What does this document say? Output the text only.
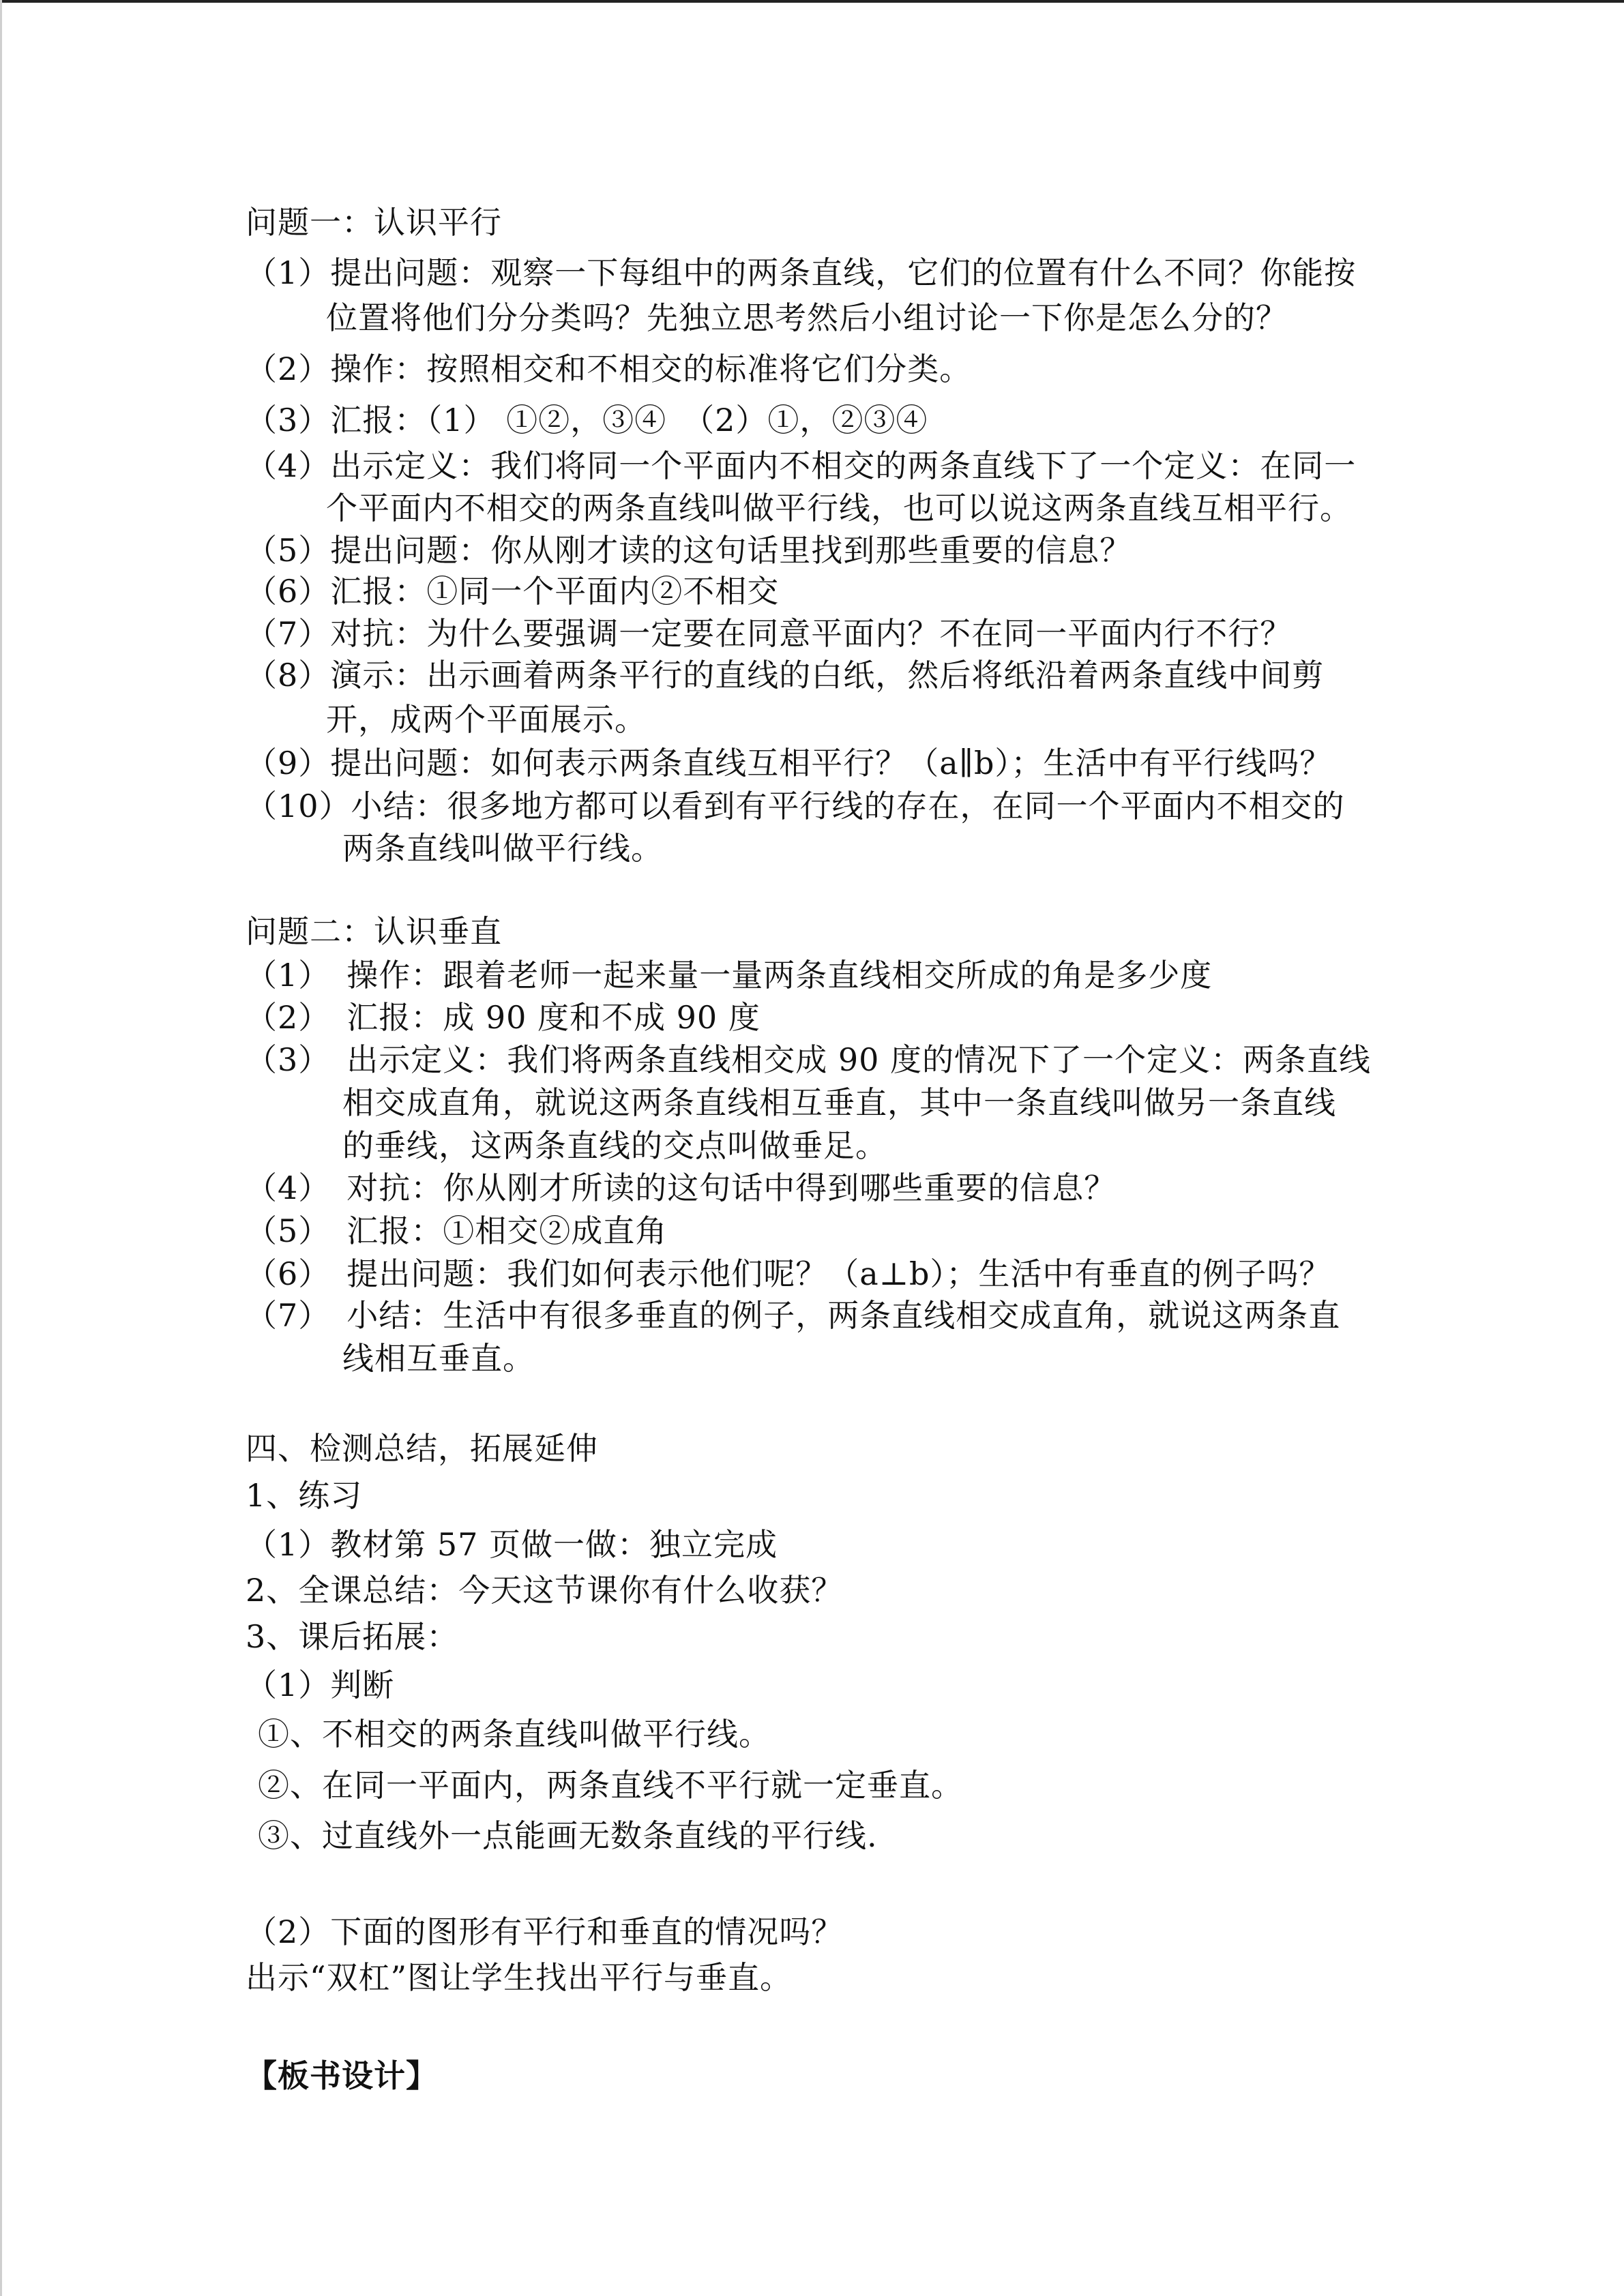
问题一：认识平行
（1）提出问题：观察一下每组中的两条直线，它们的位置有什么不同？你能按
位置将他们分分类吗？先独立思考然后小组讨论一下你是怎么分的？
（2）操作：按照相交和不相交的标准将它们分类。
（3）汇报：（1） ①②，③④　（2）①，②③④
（4）出示定义：我们将同一个平面内不相交的两条直线下了一个定义：在同一
个平面内不相交的两条直线叫做平行线，也可以说这两条直线互相平行。
（5）提出问题：你从刚才读的这句话里找到那些重要的信息？
（6）汇报：①同一个平面内②不相交
（7）对抗：为什么要强调一定要在同意平面内？不在同一平面内行不行？
（8）演示：出示画着两条平行的直线的白纸，然后将纸沿着两条直线中间剪
开，成两个平面展示。
（9）提出问题：如何表示两条直线互相平行？（a∥b）；生活中有平行线吗？
（10）小结：很多地方都可以看到有平行线的存在，在同一个平面内不相交的
两条直线叫做平行线。
问题二：认识垂直
（1）　操作：跟着老师一起来量一量两条直线相交所成的角是多少度
（2）　汇报：成 90 度和不成 90 度
（3）　出示定义：我们将两条直线相交成 90 度的情况下了一个定义：两条直线
相交成直角，就说这两条直线相互垂直，其中一条直线叫做另一条直线
的垂线，这两条直线的交点叫做垂足。
（4）　对抗：你从刚才所读的这句话中得到哪些重要的信息？
（5）　汇报：①相交②成直角
（6）　提出问题：我们如何表示他们呢？（a⊥b）；生活中有垂直的例子吗？
（7）　小结：生活中有很多垂直的例子，两条直线相交成直角，就说这两条直
线相互垂直。
四、检测总结，拓展延伸
1、练习
（1）教材第 57 页做一做：独立完成
2、全课总结：今天这节课你有什么收获？
3、课后拓展：
（1）判断
①、不相交的两条直线叫做平行线。
②、在同一平面内，两条直线不平行就一定垂直。
③、过直线外一点能画无数条直线的平行线.
（2）下面的图形有平行和垂直的情况吗？
出示“双杠”图让学生找出平行与垂直。
【板书设计】
